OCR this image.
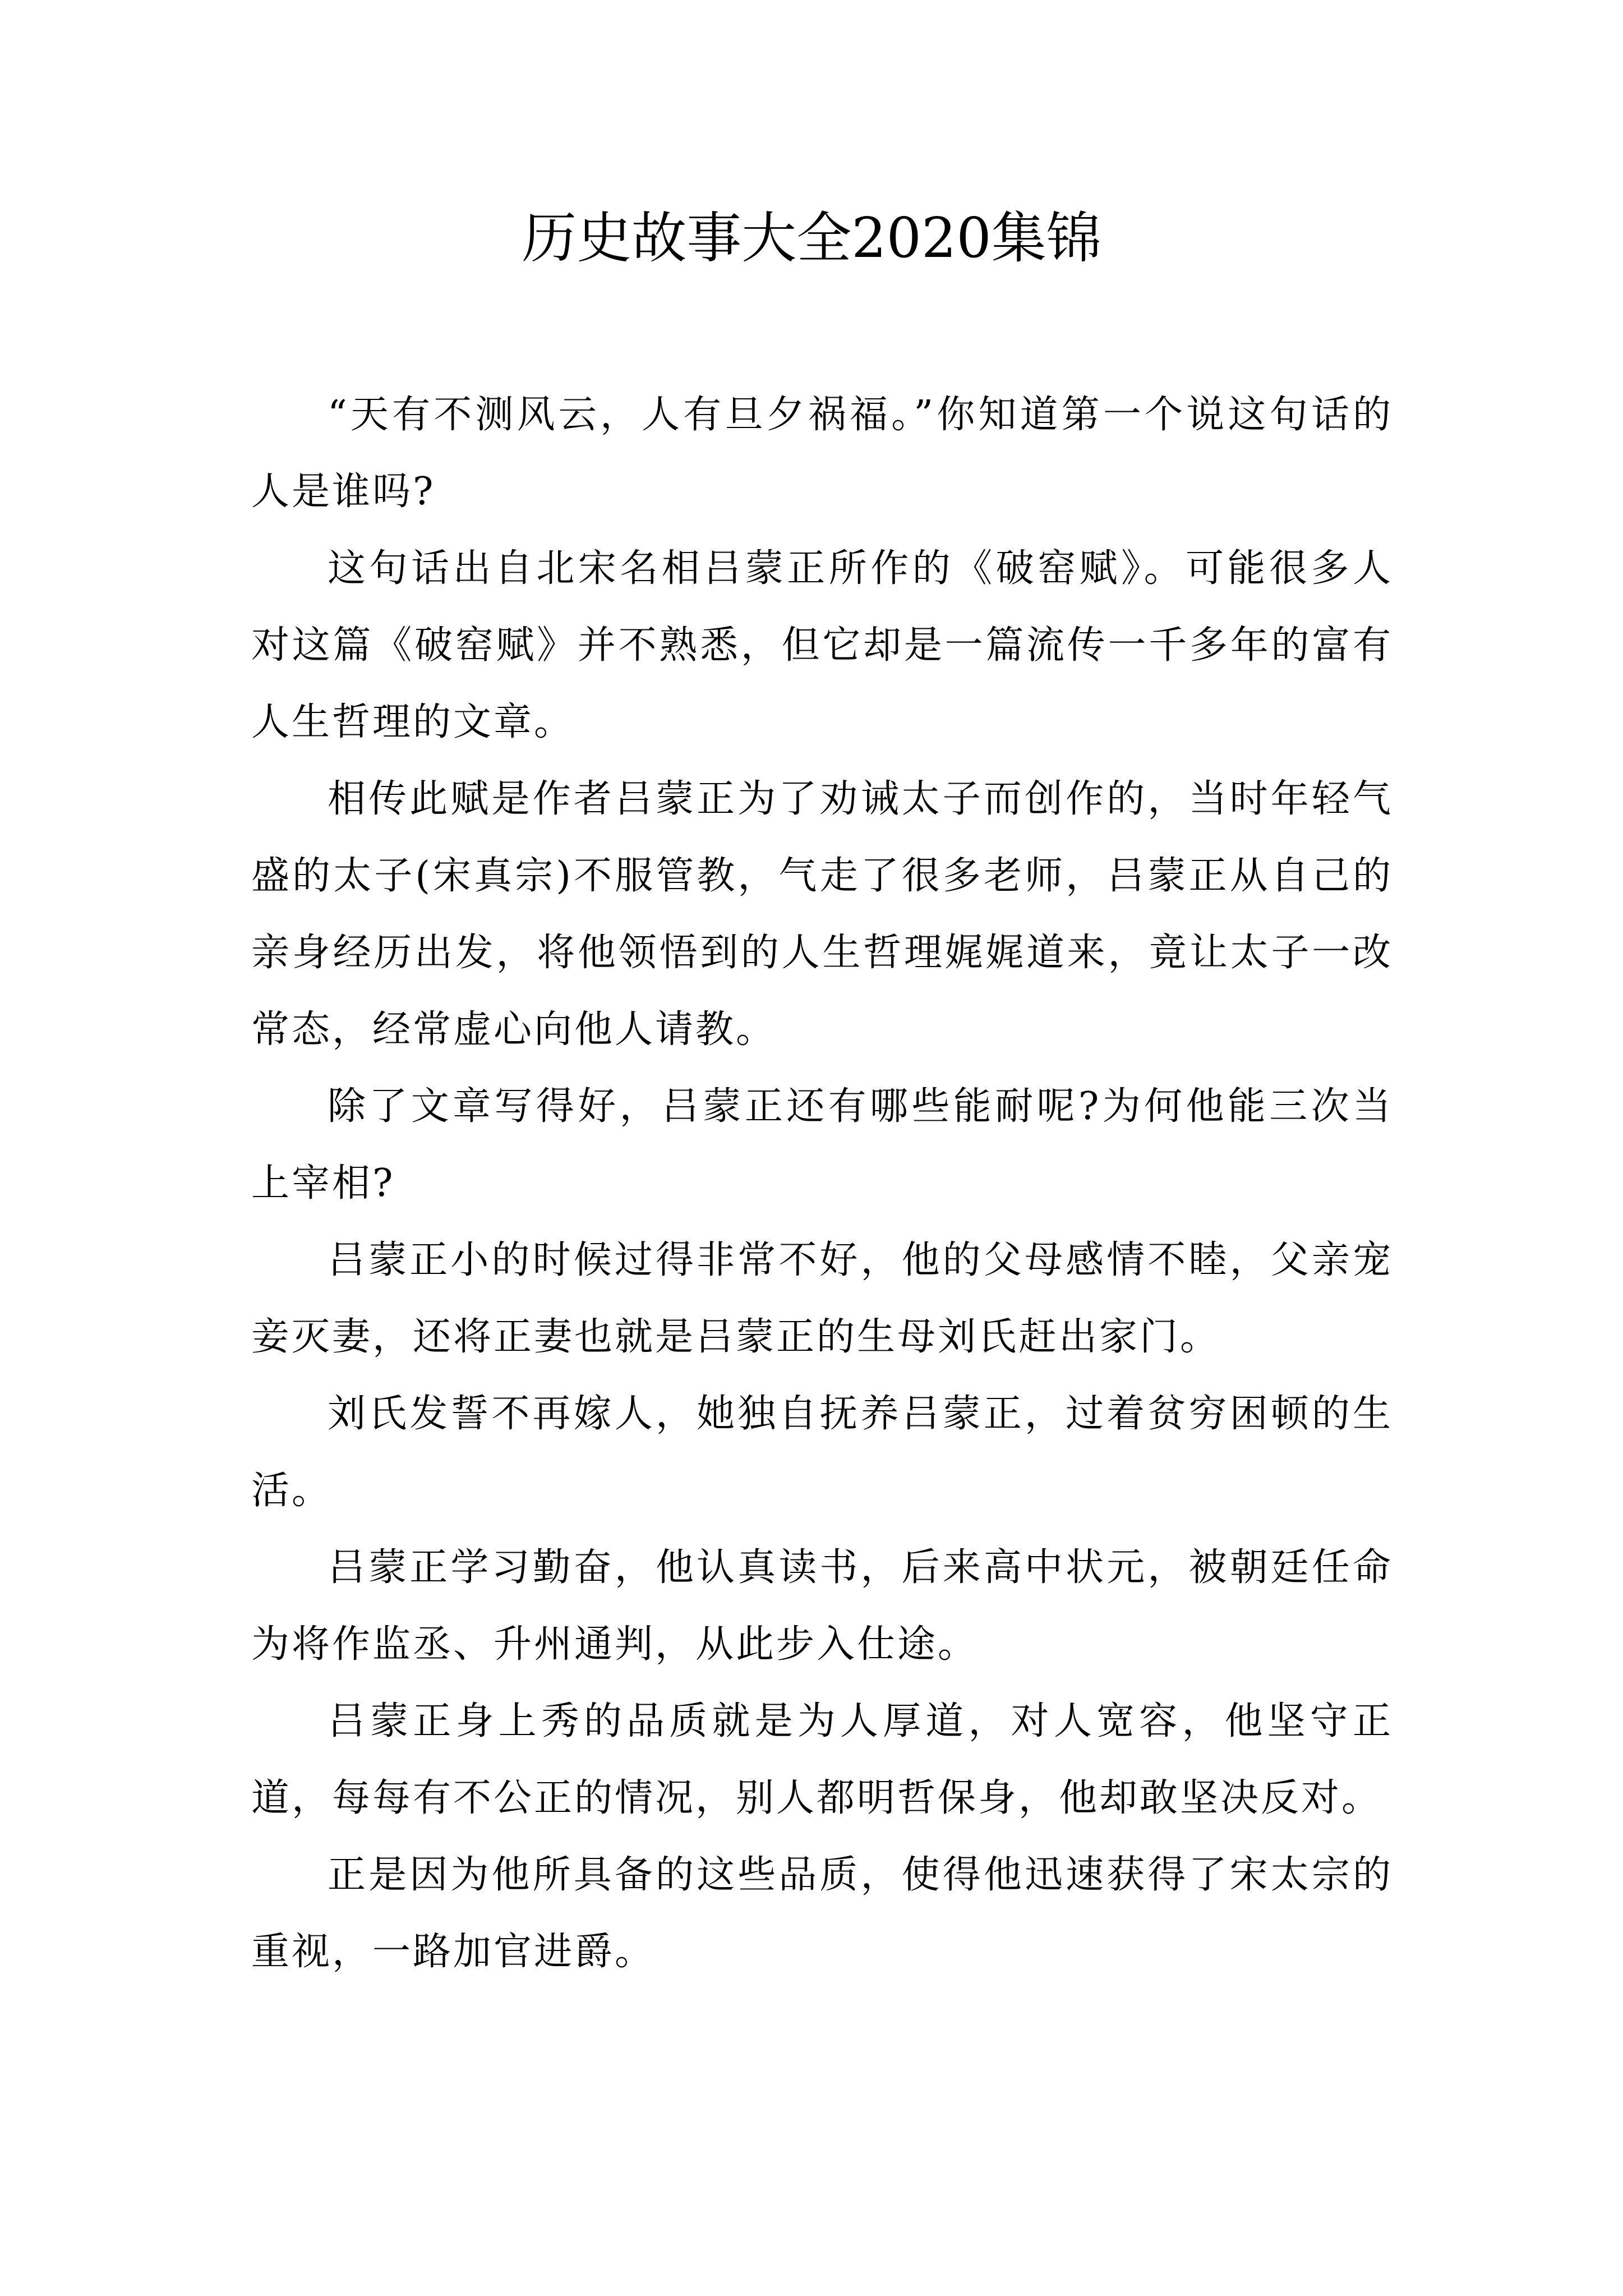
历史故事大全2020集锦

“天有不测风云，人有旦夕祸福。”你知道第一个说这句话的人是谁吗?

这句话出自北宋名相吕蒙正所作的《破窑赋》。可能很多人对这篇《破窑赋》并不熟悉，但它却是一篇流传一千多年的富有人生哲理的文章。

相传此赋是作者吕蒙正为了劝诫太子而创作的，当时年轻气盛的太子(宋真宗)不服管教，气走了很多老师，吕蒙正从自己的亲身经历出发，将他领悟到的人生哲理娓娓道来，竟让太子一改常态，经常虚心向他人请教。

除了文章写得好，吕蒙正还有哪些能耐呢?为何他能三次当上宰相?

吕蒙正小的时候过得非常不好，他的父母感情不睦，父亲宠妾灭妻，还将正妻也就是吕蒙正的生母刘氏赶出家门。

刘氏发誓不再嫁人，她独自抚养吕蒙正，过着贫穷困顿的生活。

吕蒙正学习勤奋，他认真读书，后来高中状元，被朝廷任命为将作监丞、升州通判，从此步入仕途。

吕蒙正身上秀的品质就是为人厚道，对人宽容，他坚守正道，每每有不公正的情况，别人都明哲保身，他却敢坚决反对。

正是因为他所具备的这些品质，使得他迅速获得了宋太宗的重视，一路加官进爵。
